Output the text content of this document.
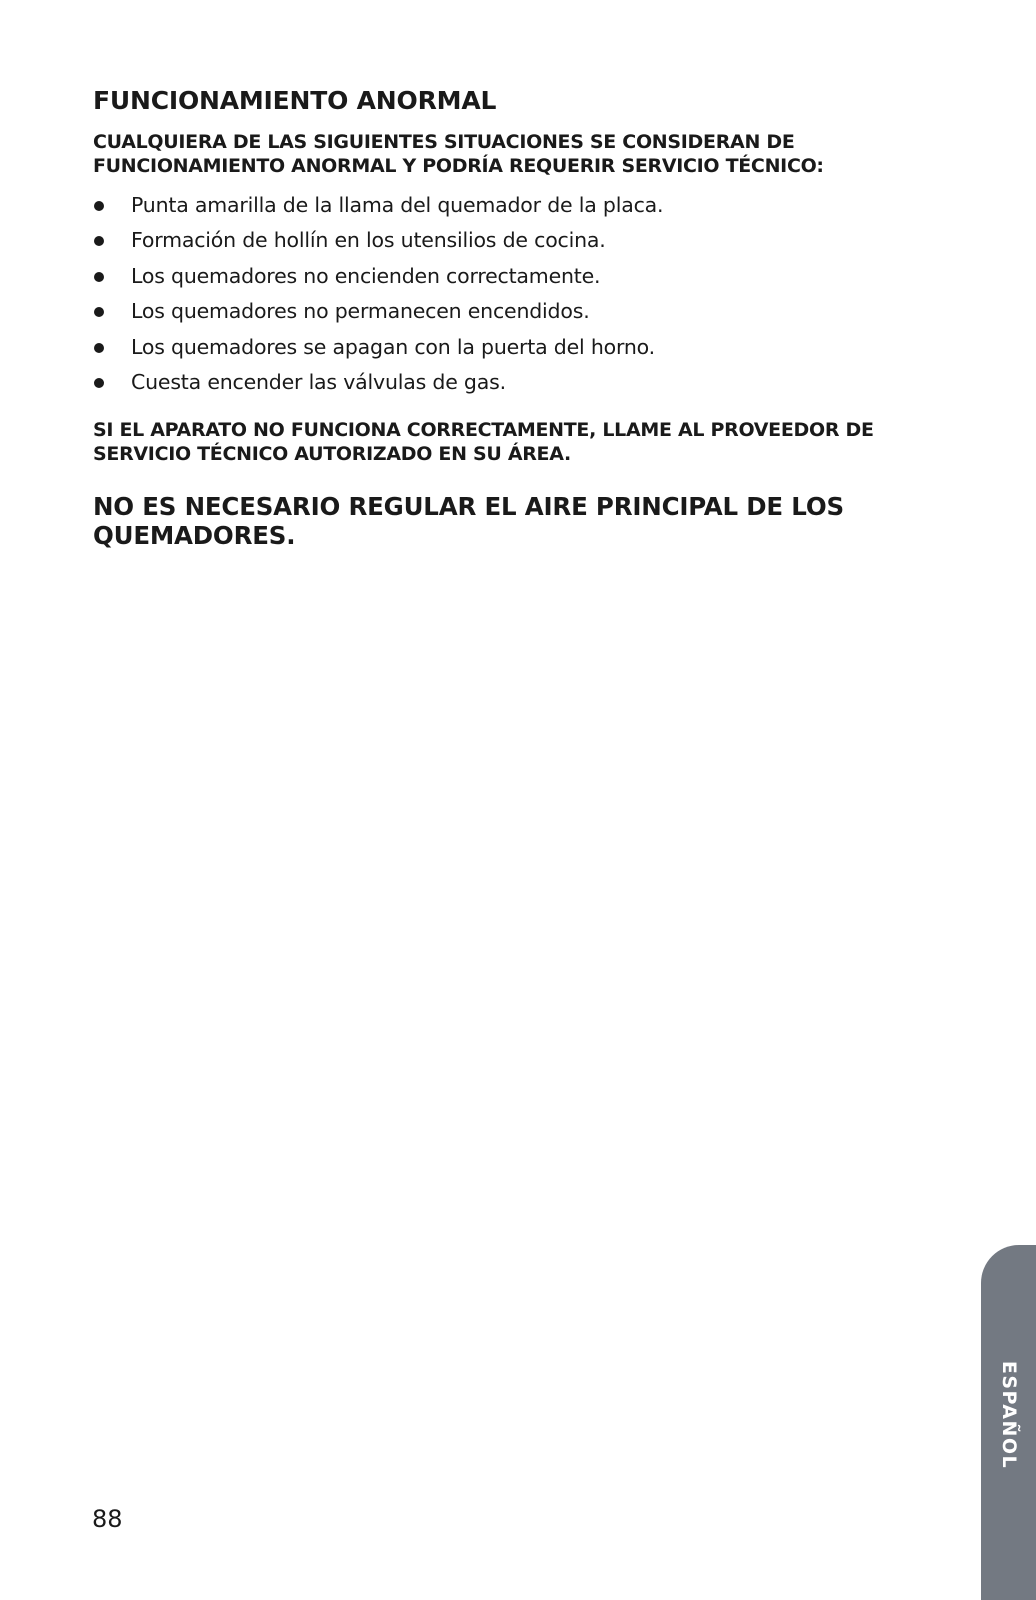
FUNCIONAMIENTO ANORMAL
CUALQUIERA DE LAS SIGUIENTES SITUACIONES SE CONSIDERAN DE FUNCIONAMIENTO ANORMAL Y PODRÍA REQUERIR SERVICIO TÉCNICO:
Punta amarilla de la llama del quemador de la placa.
Formación de hollín en los utensilios de cocina.
Los quemadores no encienden correctamente.
Los quemadores no permanecen encendidos.
Los quemadores se apagan con la puerta del horno.
Cuesta encender las válvulas de gas.
SI EL APARATO NO FUNCIONA CORRECTAMENTE, LLAME AL PROVEEDOR DE SERVICIO TÉCNICO AUTORIZADO EN SU ÁREA.
NO ES NECESARIO REGULAR EL AIRE PRINCIPAL DE LOS QUEMADORES.
88
ESPAÑOL
